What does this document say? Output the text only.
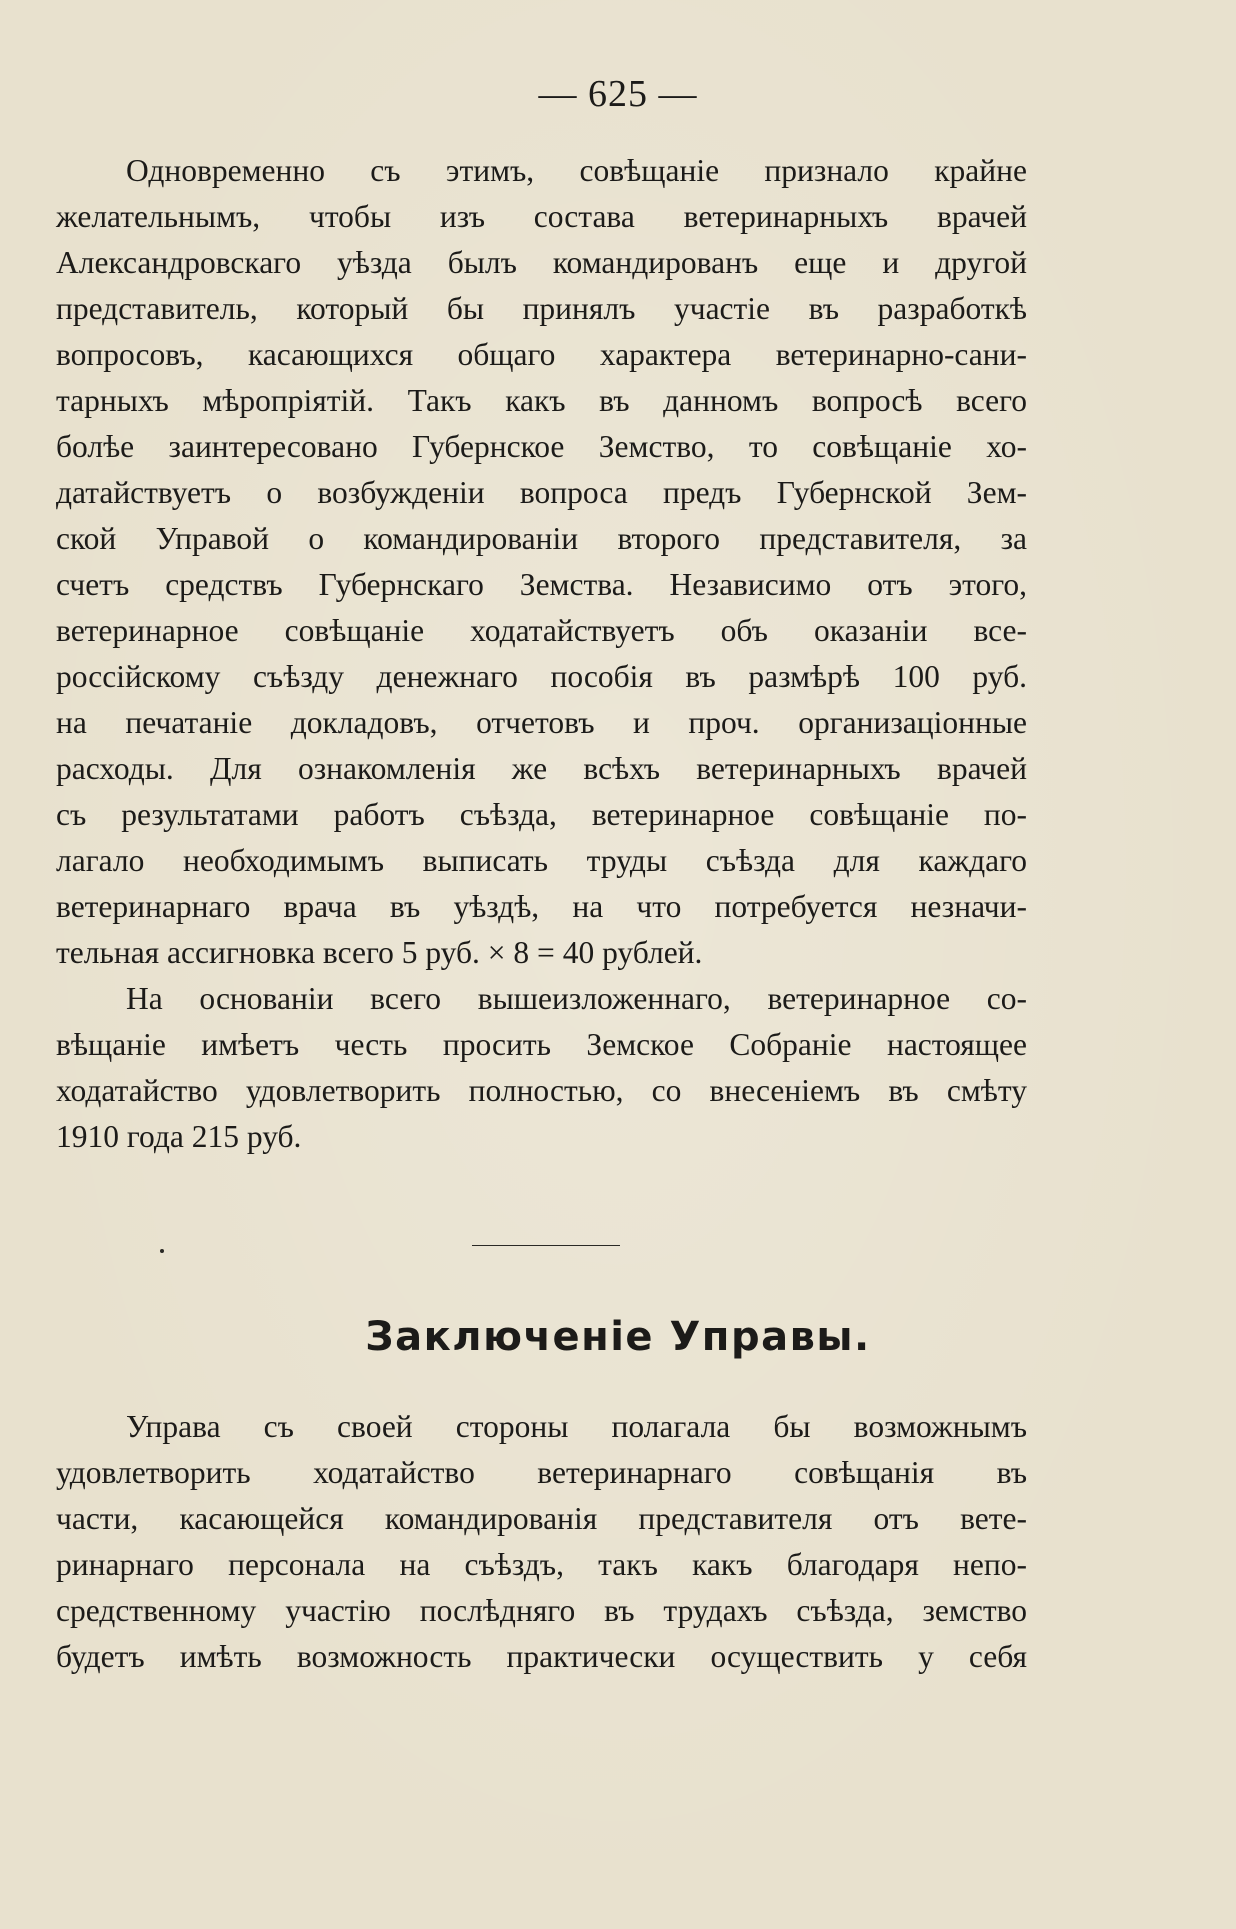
— 625 —
Одновременно съ этимъ, совѣщаніе признало крайне
желательнымъ, чтобы изъ состава ветеринарныхъ врачей
Александровскаго уѣзда былъ командированъ еще и другой
представитель, который бы принялъ участіе въ разработкѣ
вопросовъ, касающихся общаго характера ветеринарно-сани-
тарныхъ мѣропріятій. Такъ какъ въ данномъ вопросѣ всего
болѣе заинтересовано Губернское Земство, то совѣщаніе хо-
датайствуетъ о возбужденіи вопроса предъ Губернской Зем-
ской Управой о командированіи второго представителя, за
счетъ средствъ Губернскаго Земства. Независимо отъ этого,
ветеринарное совѣщаніе ходатайствуетъ объ оказаніи все-
россійскому съѣзду денежнаго пособія въ размѣрѣ 100 руб.
на печатаніе докладовъ, отчетовъ и проч. организаціонные
расходы. Для ознакомленія же всѣхъ ветеринарныхъ врачей
съ результатами работъ съѣзда, ветеринарное совѣщаніе по-
лагало необходимымъ выписать труды съѣзда для каждаго
ветеринарнаго врача въ уѣздѣ, на что потребуется незначи-
тельная ассигновка всего 5 руб. × 8 = 40 рублей.
На основаніи всего вышеизложеннаго, ветеринарное со-
вѣщаніе имѣетъ честь просить Земское Собраніе настоящее
ходатайство удовлетворить полностью, со внесеніемъ въ смѣту
1910 года 215 руб.
Заключеніе Управы.
Управа съ своей стороны полагала бы возможнымъ
удовлетворить ходатайство ветеринарнаго совѣщанія въ
части, касающейся командированія представителя отъ вете-
ринарнаго персонала на съѣздъ, такъ какъ благодаря непо-
средственному участію послѣдняго въ трудахъ съѣзда, земство
будетъ имѣть возможность практически осуществить у себя
